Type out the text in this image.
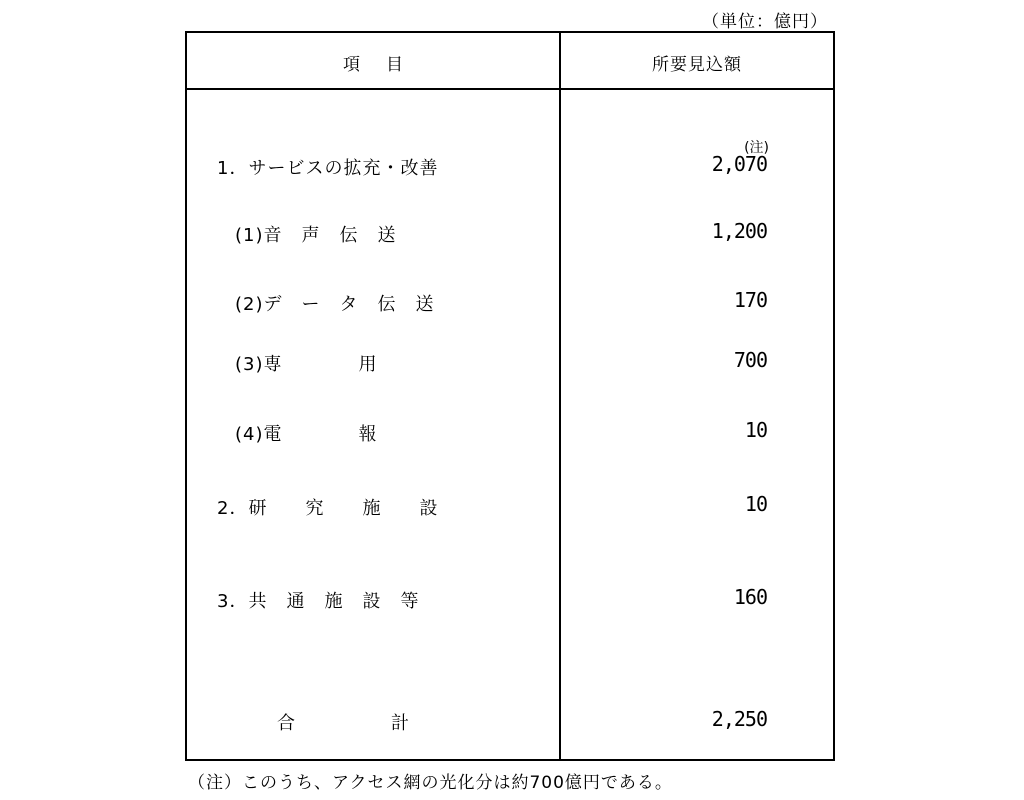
（単位：億円）
項目	所要見込額
(注)
1．サービスの拡充・改善	2,070
(1)音　声　伝　送	1,200
(2)デ　ー　タ　伝　送	170
(3)専　　　　用	700
(4)電　　　　報	10
2．研　　究　　施　　設	10
3．共　通　施　設　等	160
合　　　　　計	2,250
（注）このうち、アクセス網の光化分は約700億円である。
